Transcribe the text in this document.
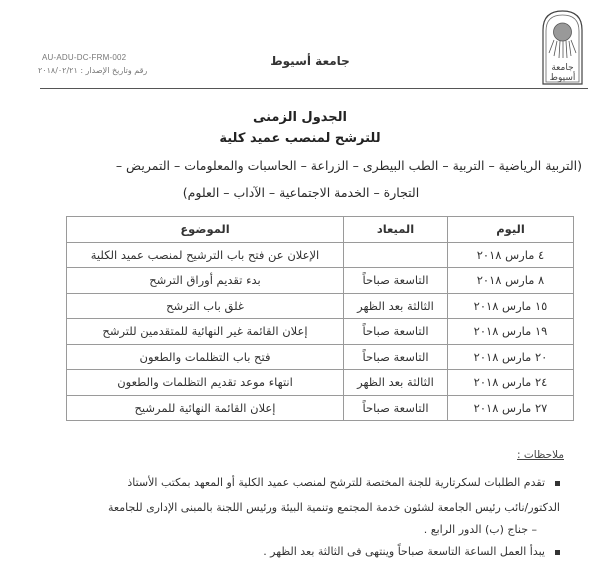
جامعة
أسيوط
AU-ADU-DC-FRM-002
رقم وتاريخ الإصدار : ٢٠١٨/٠٢/٢١
جامعة أسيوط
الجدول الزمنى
للترشح لمنصب عميد كلية
(التربية الرياضية – التربية – الطب البيطرى – الزراعة – الحاسبات والمعلومات – التمريض –
التجارة – الخدمة الاجتماعية – الآداب – العلوم)
اليوم	الميعاد	الموضوع
٤ مارس ٢٠١٨		الإعلان عن فتح باب الترشيح لمنصب عميد الكلية
٨ مارس ٢٠١٨	التاسعة صباحاً	بدء تقديم أوراق الترشح
١٥ مارس ٢٠١٨	الثالثة بعد الظهر	غلق باب الترشح
١٩ مارس ٢٠١٨	التاسعة صباحاً	إعلان القائمة غير النهائية للمتقدمين للترشح
٢٠ مارس ٢٠١٨	التاسعة صباحاً	فتح باب التظلمات والطعون
٢٤ مارس ٢٠١٨	الثالثة بعد الظهر	انتهاء موعد تقديم التظلمات والطعون
٢٧ مارس ٢٠١٨	التاسعة صباحاً	إعلان القائمة النهائية للمرشيح
ملاحظات :
تقدم الطلبات لسكرتارية للجنة المختصة للترشح لمنصب عميد الكلية أو المعهد بمكتب الأستاذ
الدكتور/نائب رئيس الجامعة لشئون خدمة المجتمع وتنمية البيئة ورئيس اللجنة بالمبنى الإدارى للجامعة
– جناج (ب) الدور الرابع .
يبدأ العمل الساعة التاسعة صباحاً وينتهى فى الثالثة بعد الظهر .
